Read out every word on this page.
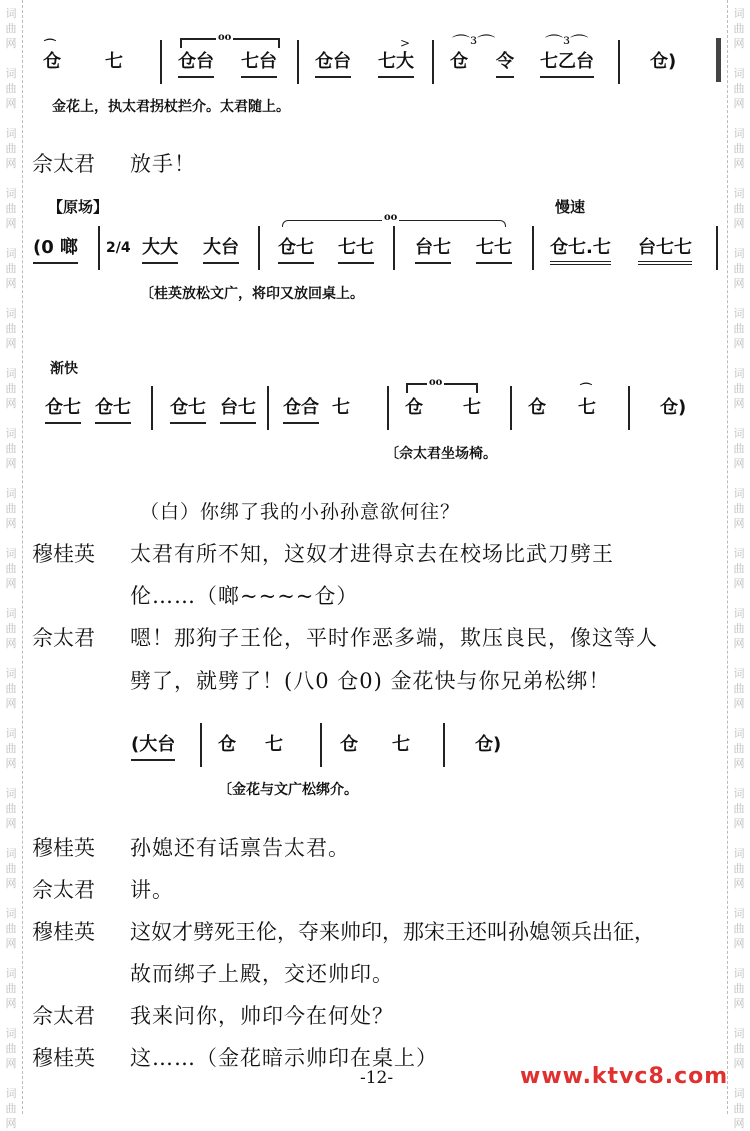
词
曲
网
词
曲
网
词
曲
网
词
曲
网
词
曲
网
词
曲
网
词
曲
网
词
曲
网
词
曲
网
词
曲
网
词
曲
网
词
曲
网
词
曲
网
词
曲
网
词
曲
网
词
曲
网
词
曲
网
词
曲
网
词
曲
网
词
曲
网
词
曲
网
词
曲
网
词
曲
网
词
曲
网
词
曲
网
词
曲
网
词
曲
网
词
曲
网
词
曲
网
词
曲
网
词
曲
网
词
曲
网
词
曲
网
词
曲
网
词
曲
网
词
曲
网
词
曲
网
词
曲
网
⌒
仓 七
oo
仓台 七台 仓台
>
七大
⌒³⌒
仓 令
⌒³⌒
七乙台	仓)
金花上，执太君拐杖拦介。太君随上。
佘太君 放手！
【原场】	慢速
(0 啷 2/4 大大 大台
oo
仓七 七七 台七 七七 仓七.七 台七七
〔桂英放松文广，将印又放回桌上。
渐快
仓七 仓七 仓七 台七 仓合 七
oo
仓 七	仓
⌒
七	仓)
〔佘太君坐场椅。
（白）你绑了我的小孙孙意欲何往？
穆桂英 太君有所不知，这奴才进得京去在校场比武刀劈王
伦……（啷~~~~仓）
佘太君 嗯！那狗子王伦，平时作恶多端，欺压良民，像这等人
劈了，就劈了！(八0 仓0) 金花快与你兄弟松绑！
(大台 仓 七	仓 七	仓)
〔金花与文广松绑介。
穆桂英 孙媳还有话禀告太君。
佘太君 讲。
穆桂英 这奴才劈死王伦，夺来帅印，那宋王还叫孙媳领兵出征，
故而绑子上殿，交还帅印。
佘太君 我来问你，帅印今在何处？
穆桂英 这……（金花暗示帅印在桌上）
-12-	www.ktvc8.com
